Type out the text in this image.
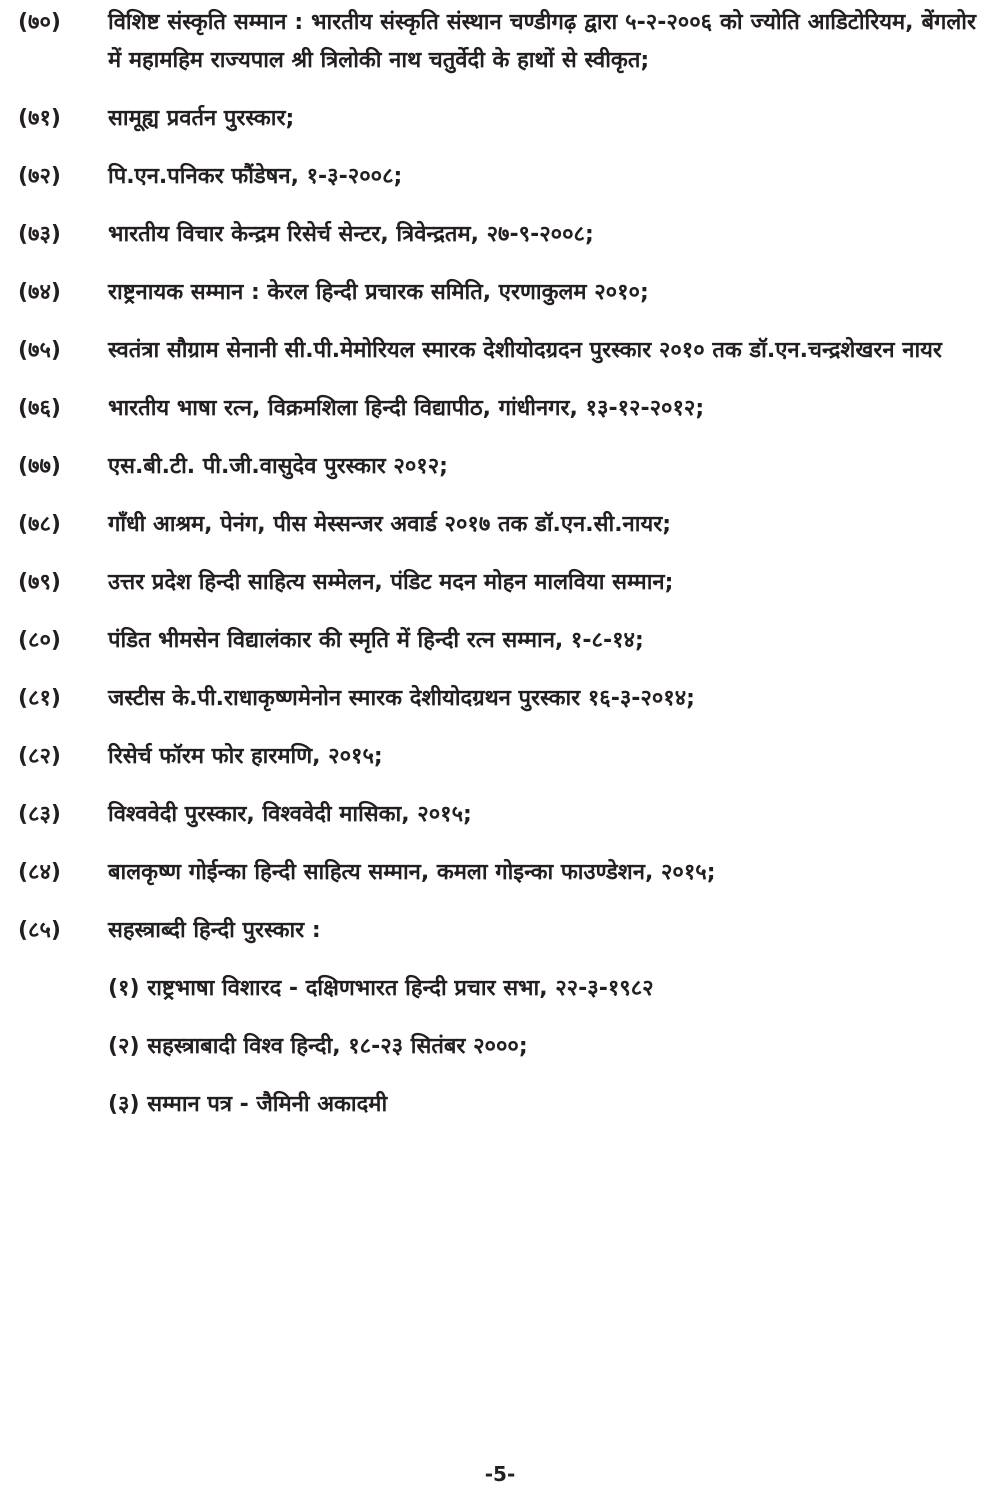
(७०)	विशिष्ट संस्कृति सम्मान : भारतीय संस्कृति संस्थान चण्डीगढ़ द्वारा ५-२-२००६ को ज्योति आडिटोरियम, बेंगलोर में महामहिम राज्यपाल श्री त्रिलोकी नाथ चतुर्वेदी के हाथों से स्वीकृत;
(७१)	सामूह्य प्रवर्तन पुरस्कार;
(७२)	पि.एन.पनिकर फौंडेषन, १-३-२००८;
(७३)	भारतीय विचार केन्द्रम रिसेर्च सेन्टर, त्रिवेन्द्रतम, २७-९-२००८;
(७४)	राष्ट्रनायक सम्मान : केरल हिन्दी प्रचारक समिति, एरणाकुलम २०१०;
(७५)	स्वतंत्रा सौग्राम सेनानी सी.पी.मेमोरियल स्मारक देशीयोदग्रदन पुरस्कार २०१० तक डॉ.एन.चन्द्रशेखरन नायर
(७६)	भारतीय भाषा रत्न, विक्रमशिला हिन्दी विद्यापीठ, गांधीनगर, १३-१२-२०१२;
(७७)	एस.बी.टी. पी.जी.वासुदेव पुरस्कार २०१२;
(७८)	गाँधी आश्रम, पेनंग, पीस मेस्सन्जर अवार्ड २०१७ तक डॉ.एन.सी.नायर;
(७९)	उत्तर प्रदेश हिन्दी साहित्य सम्मेलन, पंडिट मदन मोहन मालविया सम्मान;
(८०)	पंडित भीमसेन विद्यालंकार की स्मृति में हिन्दी रत्न सम्मान, १-८-१४;
(८१)	जस्टीस के.पी.राधाकृष्णमेनोन स्मारक देशीयोदग्रथन पुरस्कार १६-३-२०१४;
(८२)	रिसेर्च फॉरम फोर हारमणि, २०१५;
(८३)	विश्ववेदी पुरस्कार, विश्ववेदी मासिका, २०१५;
(८४)	बालकृष्ण गोईन्का हिन्दी साहित्य सम्मान, कमला गोइन्का फाउण्डेशन, २०१५;
(८५)	सहस्त्राब्दी हिन्दी पुरस्कार :
(१) राष्ट्रभाषा विशारद - दक्षिणभारत हिन्दी प्रचार सभा, २२-३-१९८२
(२) सहस्त्राबादी विश्व हिन्दी, १८-२३ सितंबर २०००;
(३) सम्मान पत्र - जैमिनी अकादमी
-5-
